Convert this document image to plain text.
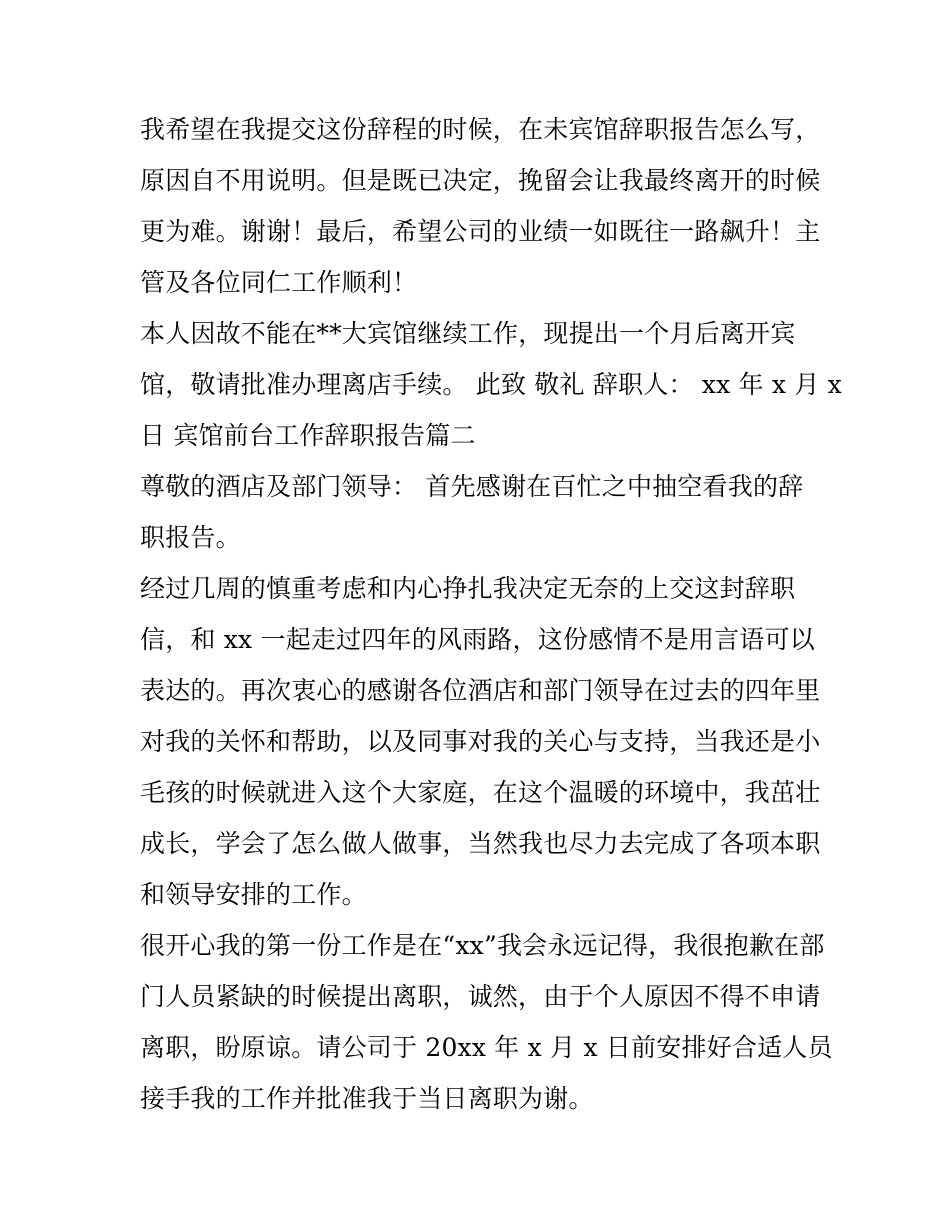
我希望在我提交这份辞程的时候，在未宾馆辞职报告怎么写，
原因自不用说明。但是既已决定，挽留会让我最终离开的时候
更为难。谢谢！最后，希望公司的业绩一如既往一路飙升！主
管及各位同仁工作顺利！
本人因故不能在**大宾馆继续工作，现提出一个月后离开宾
馆，敬请批准办理离店手续。 此致 敬礼 辞职人： xx 年 x 月 x
日 宾馆前台工作辞职报告篇二
尊敬的酒店及部门领导： 首先感谢在百忙之中抽空看我的辞
职报告。
经过几周的慎重考虑和内心挣扎我决定无奈的上交这封辞职
信，和 xx 一起走过四年的风雨路，这份感情不是用言语可以
表达的。再次衷心的感谢各位酒店和部门领导在过去的四年里
对我的关怀和帮助，以及同事对我的关心与支持，当我还是小
毛孩的时候就进入这个大家庭，在这个温暖的环境中，我茁壮
成长，学会了怎么做人做事，当然我也尽力去完成了各项本职
和领导安排的工作。
很开心我的第一份工作是在“xx”我会永远记得，我很抱歉在部
门人员紧缺的时候提出离职，诚然，由于个人原因不得不申请
离职，盼原谅。请公司于 20xx 年 x 月 x 日前安排好合适人员
接手我的工作并批准我于当日离职为谢。
